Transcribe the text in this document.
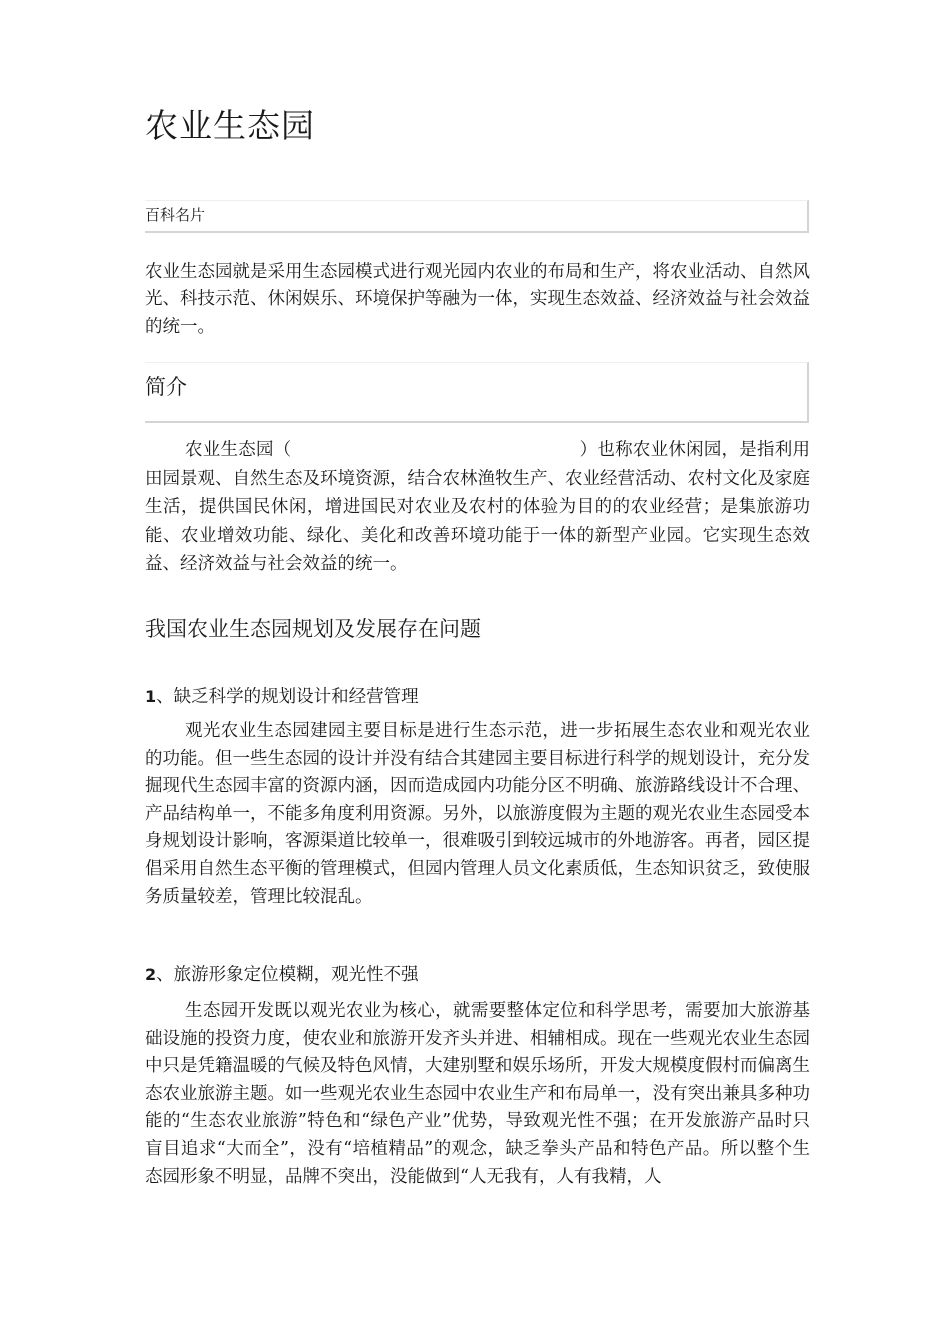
农业生态园
百科名片

农业生态园就是采用生态园模式进行观光园内农业的布局和生产，将农业活动、自然风光、科技示范、休闲娱乐、环境保护等融为一体，实现生态效益、经济效益与社会效益的统一。

简介

农业生态园（	）也称农业休闲园，是指利用田园景观、自然生态及环境资源，结合农林渔牧生产、农业经营活动、农村文化及家庭生活，提供国民休闲，增进国民对农业及农村的体验为目的的农业经营；是集旅游功能、农业增效功能、绿化、美化和改善环境功能于一体的新型产业园。它实现生态效益、经济效益与社会效益的统一。

我国农业生态园规划及发展存在问题
1、缺乏科学的规划设计和经营管理

观光农业生态园建园主要目标是进行生态示范，进一步拓展生态农业和观光农业的功能。但一些生态园的设计并没有结合其建园主要目标进行科学的规划设计，充分发掘现代生态园丰富的资源内涵，因而造成园内功能分区不明确、旅游路线设计不合理、产品结构单一，不能多角度利用资源。另外，以旅游度假为主题的观光农业生态园受本身规划设计影响，客源渠道比较单一，很难吸引到较远城市的外地游客。再者，园区提倡采用自然生态平衡的管理模式，但园内管理人员文化素质低，生态知识贫乏，致使服务质量较差，管理比较混乱。

2、旅游形象定位模糊，观光性不强

生态园开发既以观光农业为核心，就需要整体定位和科学思考，需要加大旅游基础设施的投资力度，使农业和旅游开发齐头并进、相辅相成。现在一些观光农业生态园中只是凭籍温暖的气候及特色风情，大建别墅和娱乐场所，开发大规模度假村而偏离生态农业旅游主题。如一些观光农业生态园中农业生产和布局单一，没有突出兼具多种功能的“生态农业旅游”特色和“绿色产业”优势，导致观光性不强；在开发旅游产品时只盲目追求“大而全”，没有“培植精品”的观念，缺乏拳头产品和特色产品。所以整个生态园形象不明显，品牌不突出，没能做到“人无我有，人有我精，人
